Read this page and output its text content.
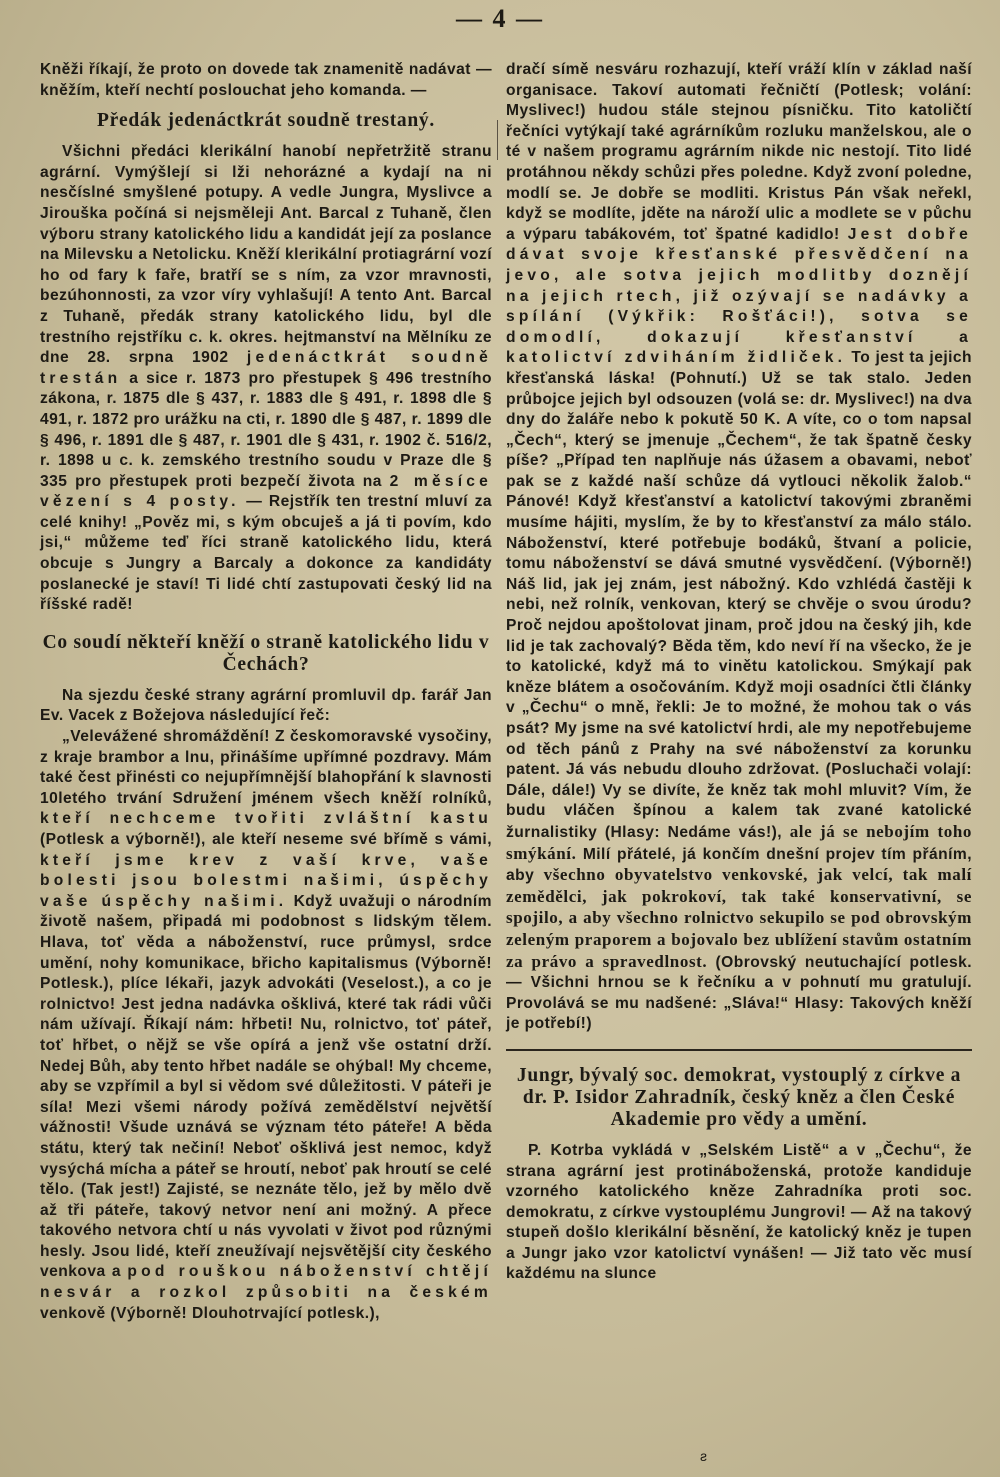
— 4 —

Kněži říkají, že proto on dovede tak znamenitě nadávat — kněžím, kteří nechtí poslouchat jeho komanda. —

Předák jedenáctkrát soudně trestaný.

Všichni předáci klerikální hanobí nepřetržitě stranu agrární. Vymýšlejí si lži nehorázné a kydají na ni nesčíslné smyšlené potupy. A vedle Jungra, Myslivce a Jirouška počíná si nejsměleji Ant. Barcal z Tuhaně, člen výboru strany katolického lidu a kandidát její za poslance na Milevsku a Netolicku. Kněží klerikální protiagrární vozí ho od fary k faře, bratří se s ním, za vzor mravnosti, bezúhonnosti, za vzor víry vyhlašují! A tento Ant. Barcal z Tuhaně, předák strany katolického lidu, byl dle trestního rejstříku c. k. okres. hejtmanství na Mělníku ze dne 28. srpna 1902 jedenáctkrát soudně trestán a sice r. 1873 pro přestupek § 496 trestního zákona, r. 1875 dle § 437, r. 1883 dle § 491, r. 1898 dle § 491, r. 1872 pro urážku na cti, r. 1890 dle § 487, r. 1899 dle § 496, r. 1891 dle § 487, r. 1901 dle § 431, r. 1902 č. 516/2, r. 1898 u c. k. zemského trestního soudu v Praze dle § 335 pro přestupek proti bezpečí života na 2 měsíce vězení s 4 posty. — Rejstřík ten trestní mluví za celé knihy! „Pověz mi, s kým obcuješ a já ti povím, kdo jsi,“ můžeme teď říci straně katolického lidu, která obcuje s Jungry a Barcaly a dokonce za kandidáty poslanecké je staví! Ti lidé chtí zastupovati český lid na říšské radě!

Co soudí někteří kněží o straně katolického lidu v Čechách?

Na sjezdu české strany agrární promluvil dp. farář Jan Ev. Vacek z Božejova následující řeč:

„Velevážené shromáždění! Z českomoravské vysočiny, z kraje brambor a lnu, přinášíme upřímné pozdravy. Mám také čest přinésti co nejupřímnější blahopřání k slavnosti 10letého trvání Sdružení jménem všech kněží rolníků, kteří nechceme tvořiti zvláštní kastu (Potlesk a výborně!), ale kteří neseme své břímě s vámi, kteří jsme krev z vaší krve, vaše bolesti jsou bolestmi našimi, úspěchy vaše úspěchy našimi. Když uvažuji o národním životě našem, připadá mi podobnost s lidským tělem. Hlava, toť věda a náboženství, ruce průmysl, srdce umění, nohy komunikace, břicho kapitalismus (Výborně! Potlesk.), plíce lékaři, jazyk advokáti (Veselost.), a co je rolnictvo! Jest jedna nadávka ošklivá, které tak rádi vůči nám užívají. Říkají nám: hřbeti! Nu, rolnictvo, toť páteř, toť hřbet, o nějž se vše opírá a jenž vše ostatní drží. Nedej Bůh, aby tento hřbet nadále se ohýbal! My chceme, aby se vzpřímil a byl si vědom své důležitosti. V páteři je síla! Mezi všemi národy požívá zemědělství největší vážnosti! Všude uznává se význam této páteře! A běda státu, který tak nečiní! Neboť ošklivá jest nemoc, když vysýchá mícha a páteř se hroutí, neboť pak hroutí se celé tělo. (Tak jest!) Zajisté, se neznáte tělo, jež by mělo dvě až tři páteře, takový netvor není ani možný. A přece takového netvora chtí u nás vyvolati v život pod různými hesly. Jsou lidé, kteří zneužívají nejsvětější city českého venkova a pod rouškou náboženství chtějí nesvár a rozkol způsobiti na českém venkově (Výborně! Dlouhotrvající potlesk.),

dračí símě nesváru rozhazují, kteří vráží klín v základ naší organisace. Takoví automati řečničtí (Potlesk; volání: Myslivec!) hudou stále stejnou písničku. Tito katoličtí řečníci vytýkají také agrárníkům rozluku manželskou, ale o té v našem programu agrárním nikde nic nestojí. Tito lidé protáhnou někdy schůzi přes poledne. Když zvoní poledne, modlí se. Je dobře se modliti. Kristus Pán však neřekl, když se modlíte, jděte na nároží ulic a modlete se v půchu a výparu tabákovém, toť špatné kadidlo! Jest dobře dávat svoje křesťanské přesvědčení na jevo, ale sotva jejich modlitby doznějí na jejich rtech, již ozývají se nadávky a spílání (Výkřik: Rošťáci!), sotva se domodlí, dokazují křesťanství a katolictví zdviháním židliček. To jest ta jejich křesťanská láska! (Pohnutí.) Už se tak stalo. Jeden průbojce jejich byl odsouzen (volá se: dr. Myslivec!) na dva dny do žaláře nebo k pokutě 50 K. A víte, co o tom napsal „Čech“, který se jmenuje „Čechem“, že tak špatně česky píše? „Případ ten naplňuje nás úžasem a obavami, neboť pak se z každé naší schůze dá vytlouci několik žalob.“ Pánové! Když křesťanství a katolictví takovými zbraněmi musíme hájiti, myslím, že by to křesťanství za málo stálo. Náboženství, které potřebuje bodáků, štvaní a policie, tomu náboženství se dává smutné vysvědčení. (Výborně!) Náš lid, jak jej znám, jest nábožný. Kdo vzhlédá častěji k nebi, než rolník, venkovan, který se chvěje o svou úrodu? Proč nejdou apoštolovat jinam, proč jdou na český jih, kde lid je tak zachovalý? Běda těm, kdo neví ří na všecko, že je to katolické, když má to vinětu katolickou. Smýkají pak kněze blátem a osočováním. Když moji osadníci čtli články v „Čechu“ o mně, řekli: Je to možné, že mohou tak o vás psát? My jsme na své katolictví hrdi, ale my nepotřebujeme od těch pánů z Prahy na své náboženství za korunku patent. Já vás nebudu dlouho zdržovat. (Posluchači volají: Dále, dále!) Vy se divíte, že kněz tak mohl mluvit? Vím, že budu vláčen špínou a kalem tak zvané katolické žurnalistiky (Hlasy: Nedáme vás!), ale já se nebojím toho smýkání. Milí přátelé, já končím dnešní projev tím přáním, aby všechno obyvatelstvo venkovské, jak velcí, tak malí zemědělci, jak pokrokoví, tak také konservativní, se spojilo, a aby všechno rolnictvo sekupilo se pod obrovským zeleným praporem a bojovalo bez ublížení stavům ostatním za právo a spravedlnost. (Obrovský neutuchající potlesk. — Všichni hrnou se k řečníku a v pohnutí mu gratulují. Provolává se mu nadšené: „Sláva!“ Hlasy: Takových kněží je potřebí!)

Jungr, bývalý soc. demokrat, vystouplý z církve a dr. P. Isidor Zahradník, český kněz a člen České Akademie pro vědy a umění.

P. Kotrba vykládá v „Selském Listě“ a v „Čechu“, že strana agrární jest protináboženská, protože kandiduje vzorného katolického kněze Zahradníka proti soc. demokratu, z církve vystouplému Jungrovi! — Až na takový stupeň došlo klerikální běsnění, že katolický kněz je tupen a Jungr jako vzor katolictví vynášen! — Již tato věc musí každému na slunce

ƨ
